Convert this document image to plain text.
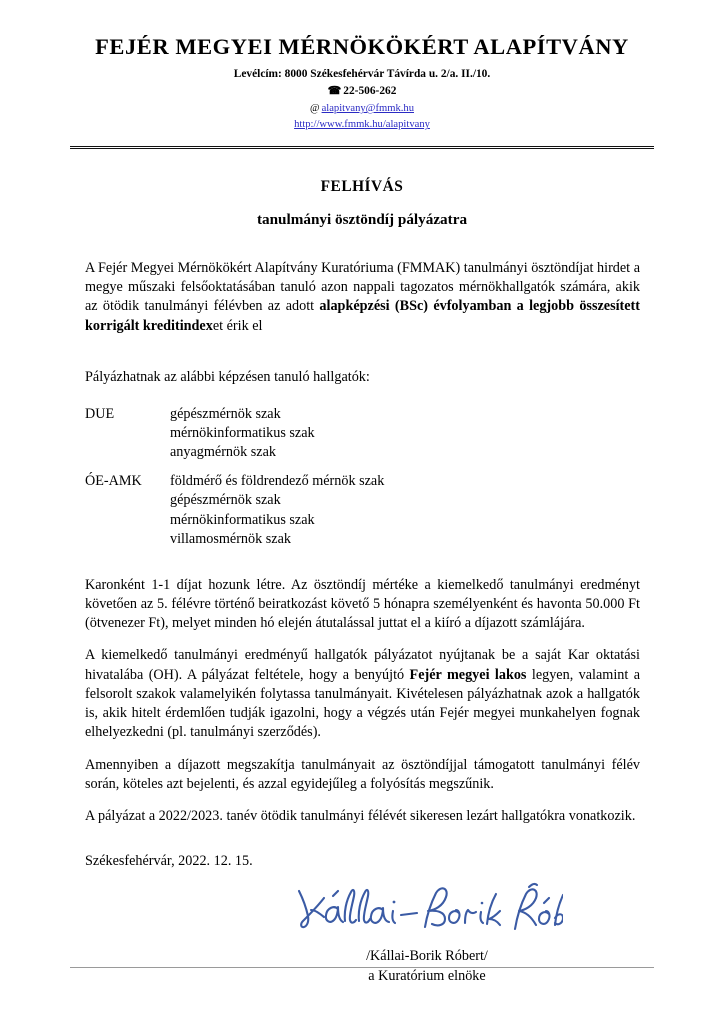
FEJÉR MEGYEI MÉRNÖKÖKÉRT ALAPÍTVÁNY
Levélcím: 8000 Székesfehérvár Távírda u. 2/a. II./10.
☎ 22-506-262
@ alapitvany@fmmk.hu
http://www.fmmk.hu/alapitvany
FELHÍVÁS
tanulmányi ösztöndíj pályázatra

A Fejér Megyei Mérnökökért Alapítvány Kuratóriuma (FMMAK) tanulmányi ösztöndíjat hirdet a megye műszaki felsőoktatásában tanuló azon nappali tagozatos mérnökhallgatók számára, akik az ötödik tanulmányi félévben az adott alapképzési (BSc) évfolyamban a legjobb összesített korrigált kreditindexet érik el

Pályázhatnak az alábbi képzésen tanuló hallgatók:
DUE	gépészmérnök szak
mérnökinformatikus szak
anyagmérnök szak
ÓE-AMK	földmérő és földrendező mérnök szak
gépészmérnök szak
mérnökinformatikus szak
villamosmérnök szak

Karonként 1-1 díjat hozunk létre. Az ösztöndíj mértéke a kiemelkedő tanulmányi eredményt követően az 5. félévre történő beiratkozást követő 5 hónapra személyenként és havonta 50.000 Ft (ötvenezer Ft), melyet minden hó elején átutalással juttat el a kiíró a díjazott számlájára.

A kiemelkedő tanulmányi eredményű hallgatók pályázatot nyújtanak be a saját Kar oktatási hivatalába (OH). A pályázat feltétele, hogy a benyújtó Fejér megyei lakos legyen, valamint a felsorolt szakok valamelyikén folytassa tanulmányait. Kivételesen pályázhatnak azok a hallgatók is, akik hitelt érdemlően tudják igazolni, hogy a végzés után Fejér megyei munkahelyen fognak elhelyezkedni (pl. tanulmányi szerződés).

Amennyiben a díjazott megszakítja tanulmányait az ösztöndíjjal támogatott tanulmányi félév során, köteles azt bejelenti, és azzal egyidejűleg a folyósítás megszűnik.

A pályázat a 2022/2023. tanév ötödik tanulmányi félévét sikeresen lezárt hallgatókra vonatkozik.

Székesfehérvár, 2022. 12. 15.
/Kállai-Borik Róbert/
a Kuratórium elnöke
